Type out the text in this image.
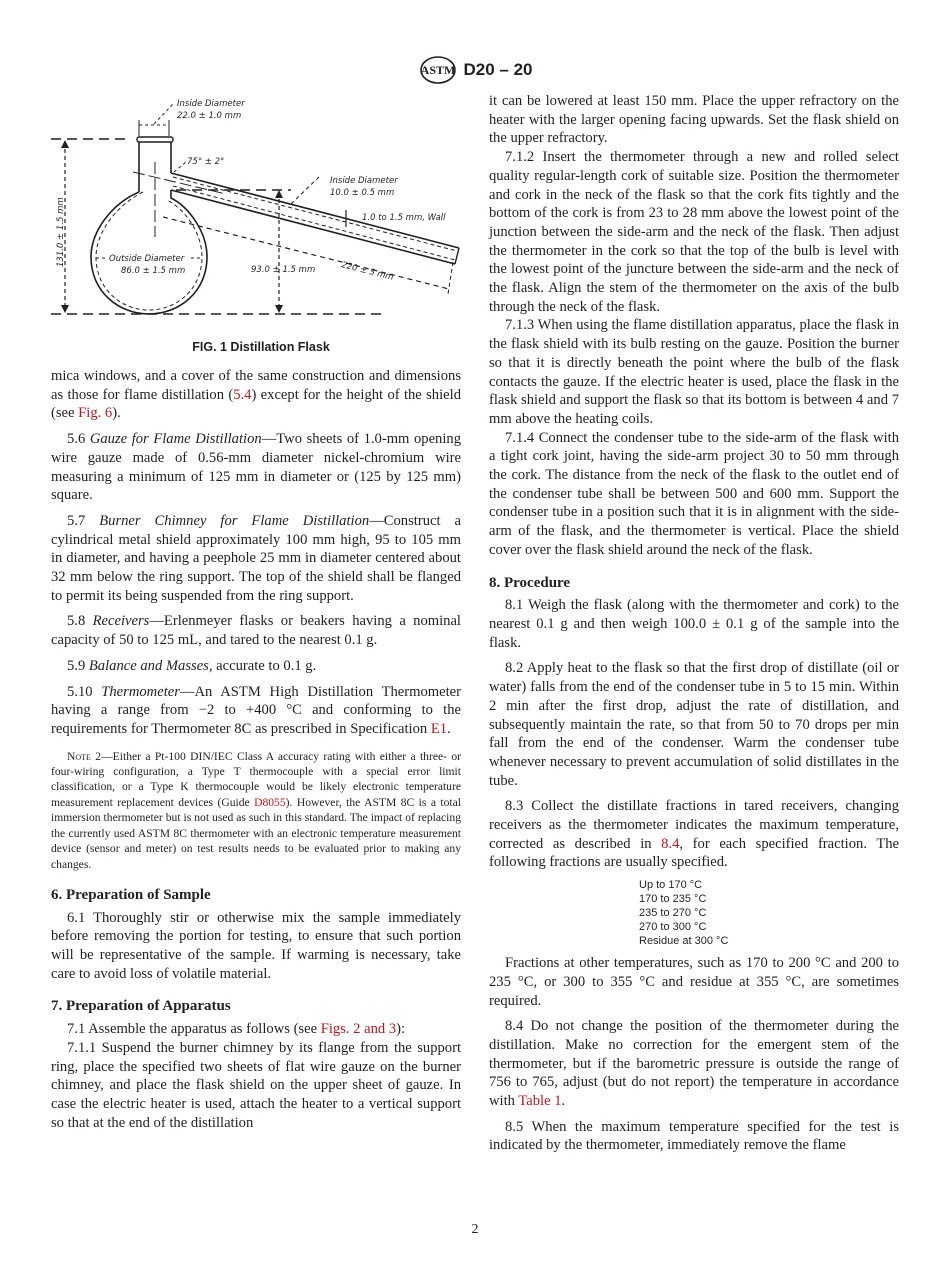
ASTM D20 – 20
Inside Diameter
22.0 ± 1.0 mm
75° ± 2°
Inside Diameter
10.0 ± 0.5 mm
1.0 to 1.5 mm, Wall
131.0 ± 1.5 mm	Outside Diameter
86.0 ± 1.5 mm	93.0 ± 1.5 mm	220 ± 5 mm
FIG. 1 Distillation Flask

mica windows, and a cover of the same construction and dimensions as those for flame distillation (5.4) except for the height of the shield (see Fig. 6).

5.6 Gauze for Flame Distillation—Two sheets of 1.0-mm opening wire gauze made of 0.56-mm diameter nickel-chromium wire measuring a minimum of 125 mm in diameter or (125 by 125 mm) square.

5.7 Burner Chimney for Flame Distillation—Construct a cylindrical metal shield approximately 100 mm high, 95 to 105 mm in diameter, and having a peephole 25 mm in diameter centered about 32 mm below the ring support. The top of the shield shall be flanged to permit its being suspended from the ring support.

5.8 Receivers—Erlenmeyer flasks or beakers having a nominal capacity of 50 to 125 mL, and tared to the nearest 0.1 g.

5.9 Balance and Masses, accurate to 0.1 g.

5.10 Thermometer—An ASTM High Distillation Thermometer having a range from −2 to +400 °C and conforming to the requirements for Thermometer 8C as prescribed in Specification E1.

Note 2—Either a Pt-100 DIN/IEC Class A accuracy rating with either a three- or four-wiring configuration, a Type T thermocouple with a special error limit classification, or a Type K thermocouple would be likely electronic temperature measurement replacement devices (Guide D8055). However, the ASTM 8C is a total immersion thermometer but is not used as such in this standard. The impact of replacing the currently used ASTM 8C thermometer with an electronic temperature measurement device (sensor and meter) on test results needs to be evaluated prior to making any changes.

6. Preparation of Sample

6.1 Thoroughly stir or otherwise mix the sample immediately before removing the portion for testing, to ensure that such portion will be representative of the sample. If warming is necessary, take care to avoid loss of volatile material.

7. Preparation of Apparatus

7.1 Assemble the apparatus as follows (see Figs. 2 and 3):

7.1.1 Suspend the burner chimney by its flange from the support ring, place the specified two sheets of flat wire gauze on the burner chimney, and place the flask shield on the upper sheet of gauze. In case the electric heater is used, attach the heater to a vertical support so that at the end of the distillation

it can be lowered at least 150 mm. Place the upper refractory on the heater with the larger opening facing upwards. Set the flask shield on the upper refractory.

7.1.2 Insert the thermometer through a new and rolled select quality regular-length cork of suitable size. Position the thermometer and cork in the neck of the flask so that the cork fits tightly and the bottom of the cork is from 23 to 28 mm above the lowest point of the junction between the side-arm and the neck of the flask. Then adjust the thermometer in the cork so that the top of the bulb is level with the lowest point of the juncture between the side-arm and the neck of the flask. Align the stem of the thermometer on the axis of the bulb through the neck of the flask.

7.1.3 When using the flame distillation apparatus, place the flask in the flask shield with its bulb resting on the gauze. Position the burner so that it is directly beneath the point where the bulb of the flask contacts the gauze. If the electric heater is used, place the flask in the flask shield and support the flask so that its bottom is between 4 and 7 mm above the heating coils.

7.1.4 Connect the condenser tube to the side-arm of the flask with a tight cork joint, having the side-arm project 30 to 50 mm through the cork. The distance from the neck of the flask to the outlet end of the condenser tube shall be between 500 and 600 mm. Support the condenser tube in a position such that it is in alignment with the side-arm of the flask, and the thermometer is vertical. Place the shield cover over the flask shield around the neck of the flask.

8. Procedure

8.1 Weigh the flask (along with the thermometer and cork) to the nearest 0.1 g and then weigh 100.0 ± 0.1 g of the sample into the flask.

8.2 Apply heat to the flask so that the first drop of distillate (oil or water) falls from the end of the condenser tube in 5 to 15 min. Within 2 min after the first drop, adjust the rate of distillation, and subsequently maintain the rate, so that from 50 to 70 drops per min fall from the end of the condenser. Warm the condenser tube whenever necessary to prevent accumulation of solid distillates in the tube.

8.3 Collect the distillate fractions in tared receivers, changing receivers as the thermometer indicates the maximum temperature, corrected as described in 8.4, for each specified fraction. The following fractions are usually specified.

Up to 170 °C
170 to 235 °C
235 to 270 °C
270 to 300 °C
Residue at 300 °C

Fractions at other temperatures, such as 170 to 200 °C and 200 to 235 °C, or 300 to 355 °C and residue at 355 °C, are sometimes required.

8.4 Do not change the position of the thermometer during the distillation. Make no correction for the emergent stem of the thermometer, but if the barometric pressure is outside the range of 756 to 765, adjust (but do not report) the temperature in accordance with Table 1.

8.5 When the maximum temperature specified for the test is indicated by the thermometer, immediately remove the flame

2
